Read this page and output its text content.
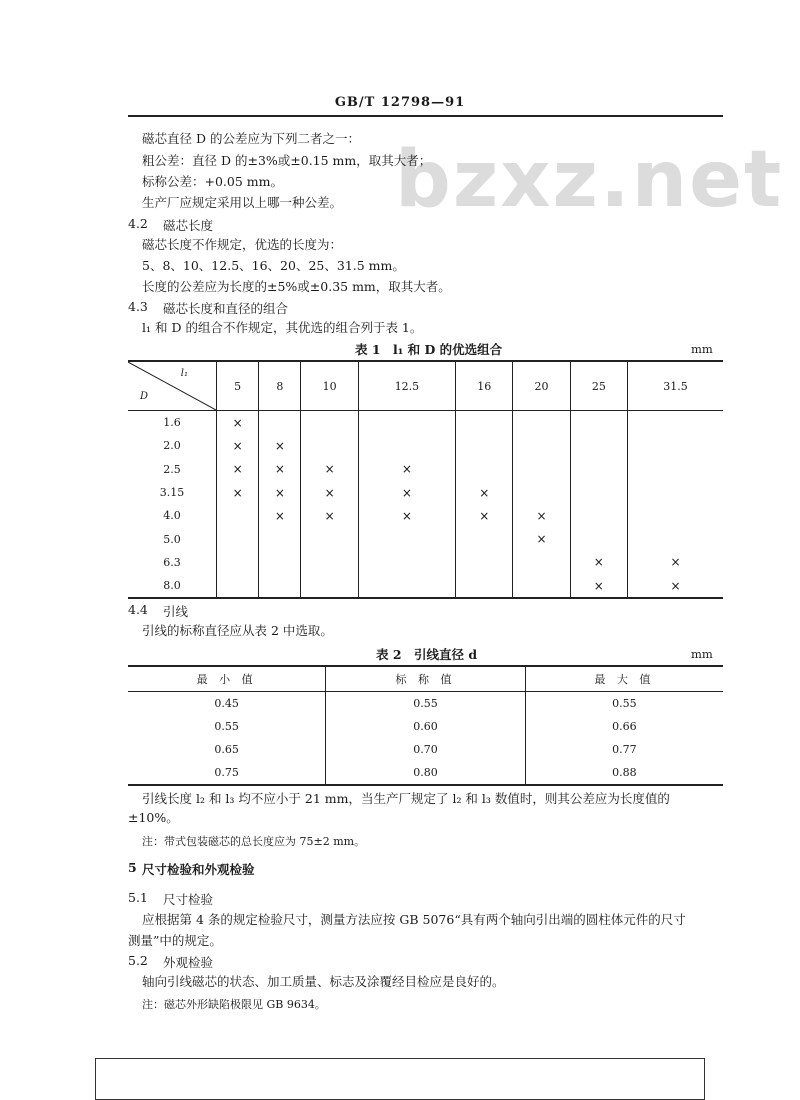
GB/T 12798—91
bzxz.net
磁芯直径 D 的公差应为下列二者之一：
粗公差：直径 D 的±3%或±0.15 mm，取其大者；
标称公差：+0.05 mm。
生产厂应规定采用以上哪一种公差。
4.2 磁芯长度
磁芯长度不作规定，优选的长度为：
5、8、10、12.5、16、20、25、31.5 mm。
长度的公差应为长度的±5%或±0.35 mm，取其大者。
4.3 磁芯长度和直径的组合
l₁ 和 D 的组合不作规定，其优选的组合列于表 1。
表 1　l₁ 和 D 的优选组合	mm
l₁
D	5	8	10	12.5	16	20	25	31.5
1.6	×							
2.0	×	×						
2.5	×	×	×	×				
3.15	×	×	×	×	×			
4.0		×	×	×	×	×		
5.0						×		
6.3							×	×
8.0							×	×
4.4 引线
引线的标称直径应从表 2 中选取。
表 2　引线直径 d	mm
最 小 值	标 称 值	最 大 值
0.45	0.55	0.55
0.55	0.60	0.66
0.65	0.70	0.77
0.75	0.80	0.88
引线长度 l₂ 和 l₃ 均不应小于 21 mm，当生产厂规定了 l₂ 和 l₃ 数值时，则其公差应为长度值的
±10%。
注：带式包装磁芯的总长度应为 75±2 mm。
5 尺寸检验和外观检验
5.1 尺寸检验
应根据第 4 条的规定检验尺寸，测量方法应按 GB 5076“具有两个轴向引出端的圆柱体元件的尺寸
测量”中的规定。
5.2 外观检验
轴向引线磁芯的状态、加工质量、标志及涂覆经目检应是良好的。
注：磁芯外形缺陷极限见 GB 9634。
